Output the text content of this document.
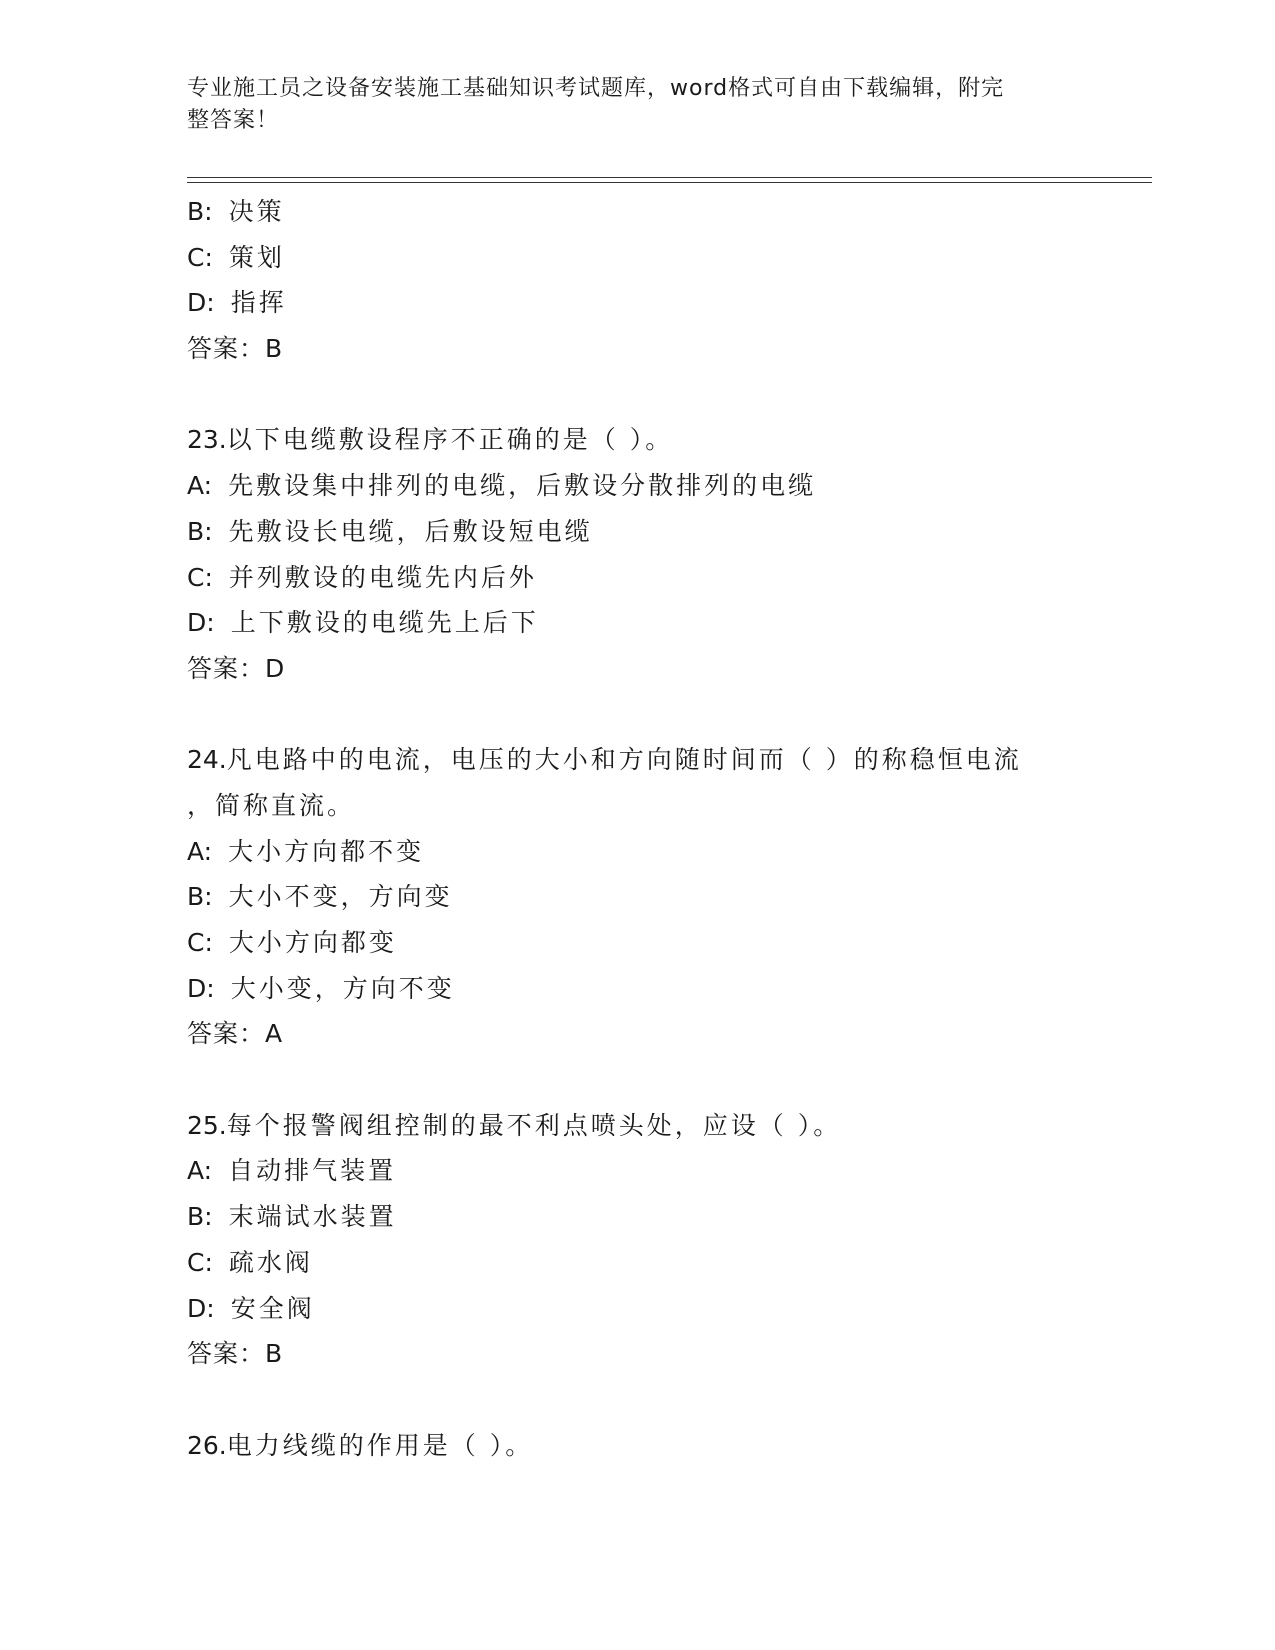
专业施工员之设备安装施工基础知识考试题库，word格式可自由下载编辑，附完
整答案！
B: 决策
C: 策划
D: 指挥
答案：B
23.以下电缆敷设程序不正确的是（ ）。
A: 先敷设集中排列的电缆，后敷设分散排列的电缆
B: 先敷设长电缆，后敷设短电缆
C: 并列敷设的电缆先内后外
D: 上下敷设的电缆先上后下
答案：D
24.凡电路中的电流，电压的大小和方向随时间而（ ）的称稳恒电流
，简称直流。
A: 大小方向都不变
B: 大小不变，方向变
C: 大小方向都变
D: 大小变，方向不变
答案：A
25.每个报警阀组控制的最不利点喷头处，应设（ ）。
A: 自动排气装置
B: 末端试水装置
C: 疏水阀
D: 安全阀
答案：B
26.电力线缆的作用是（ ）。
